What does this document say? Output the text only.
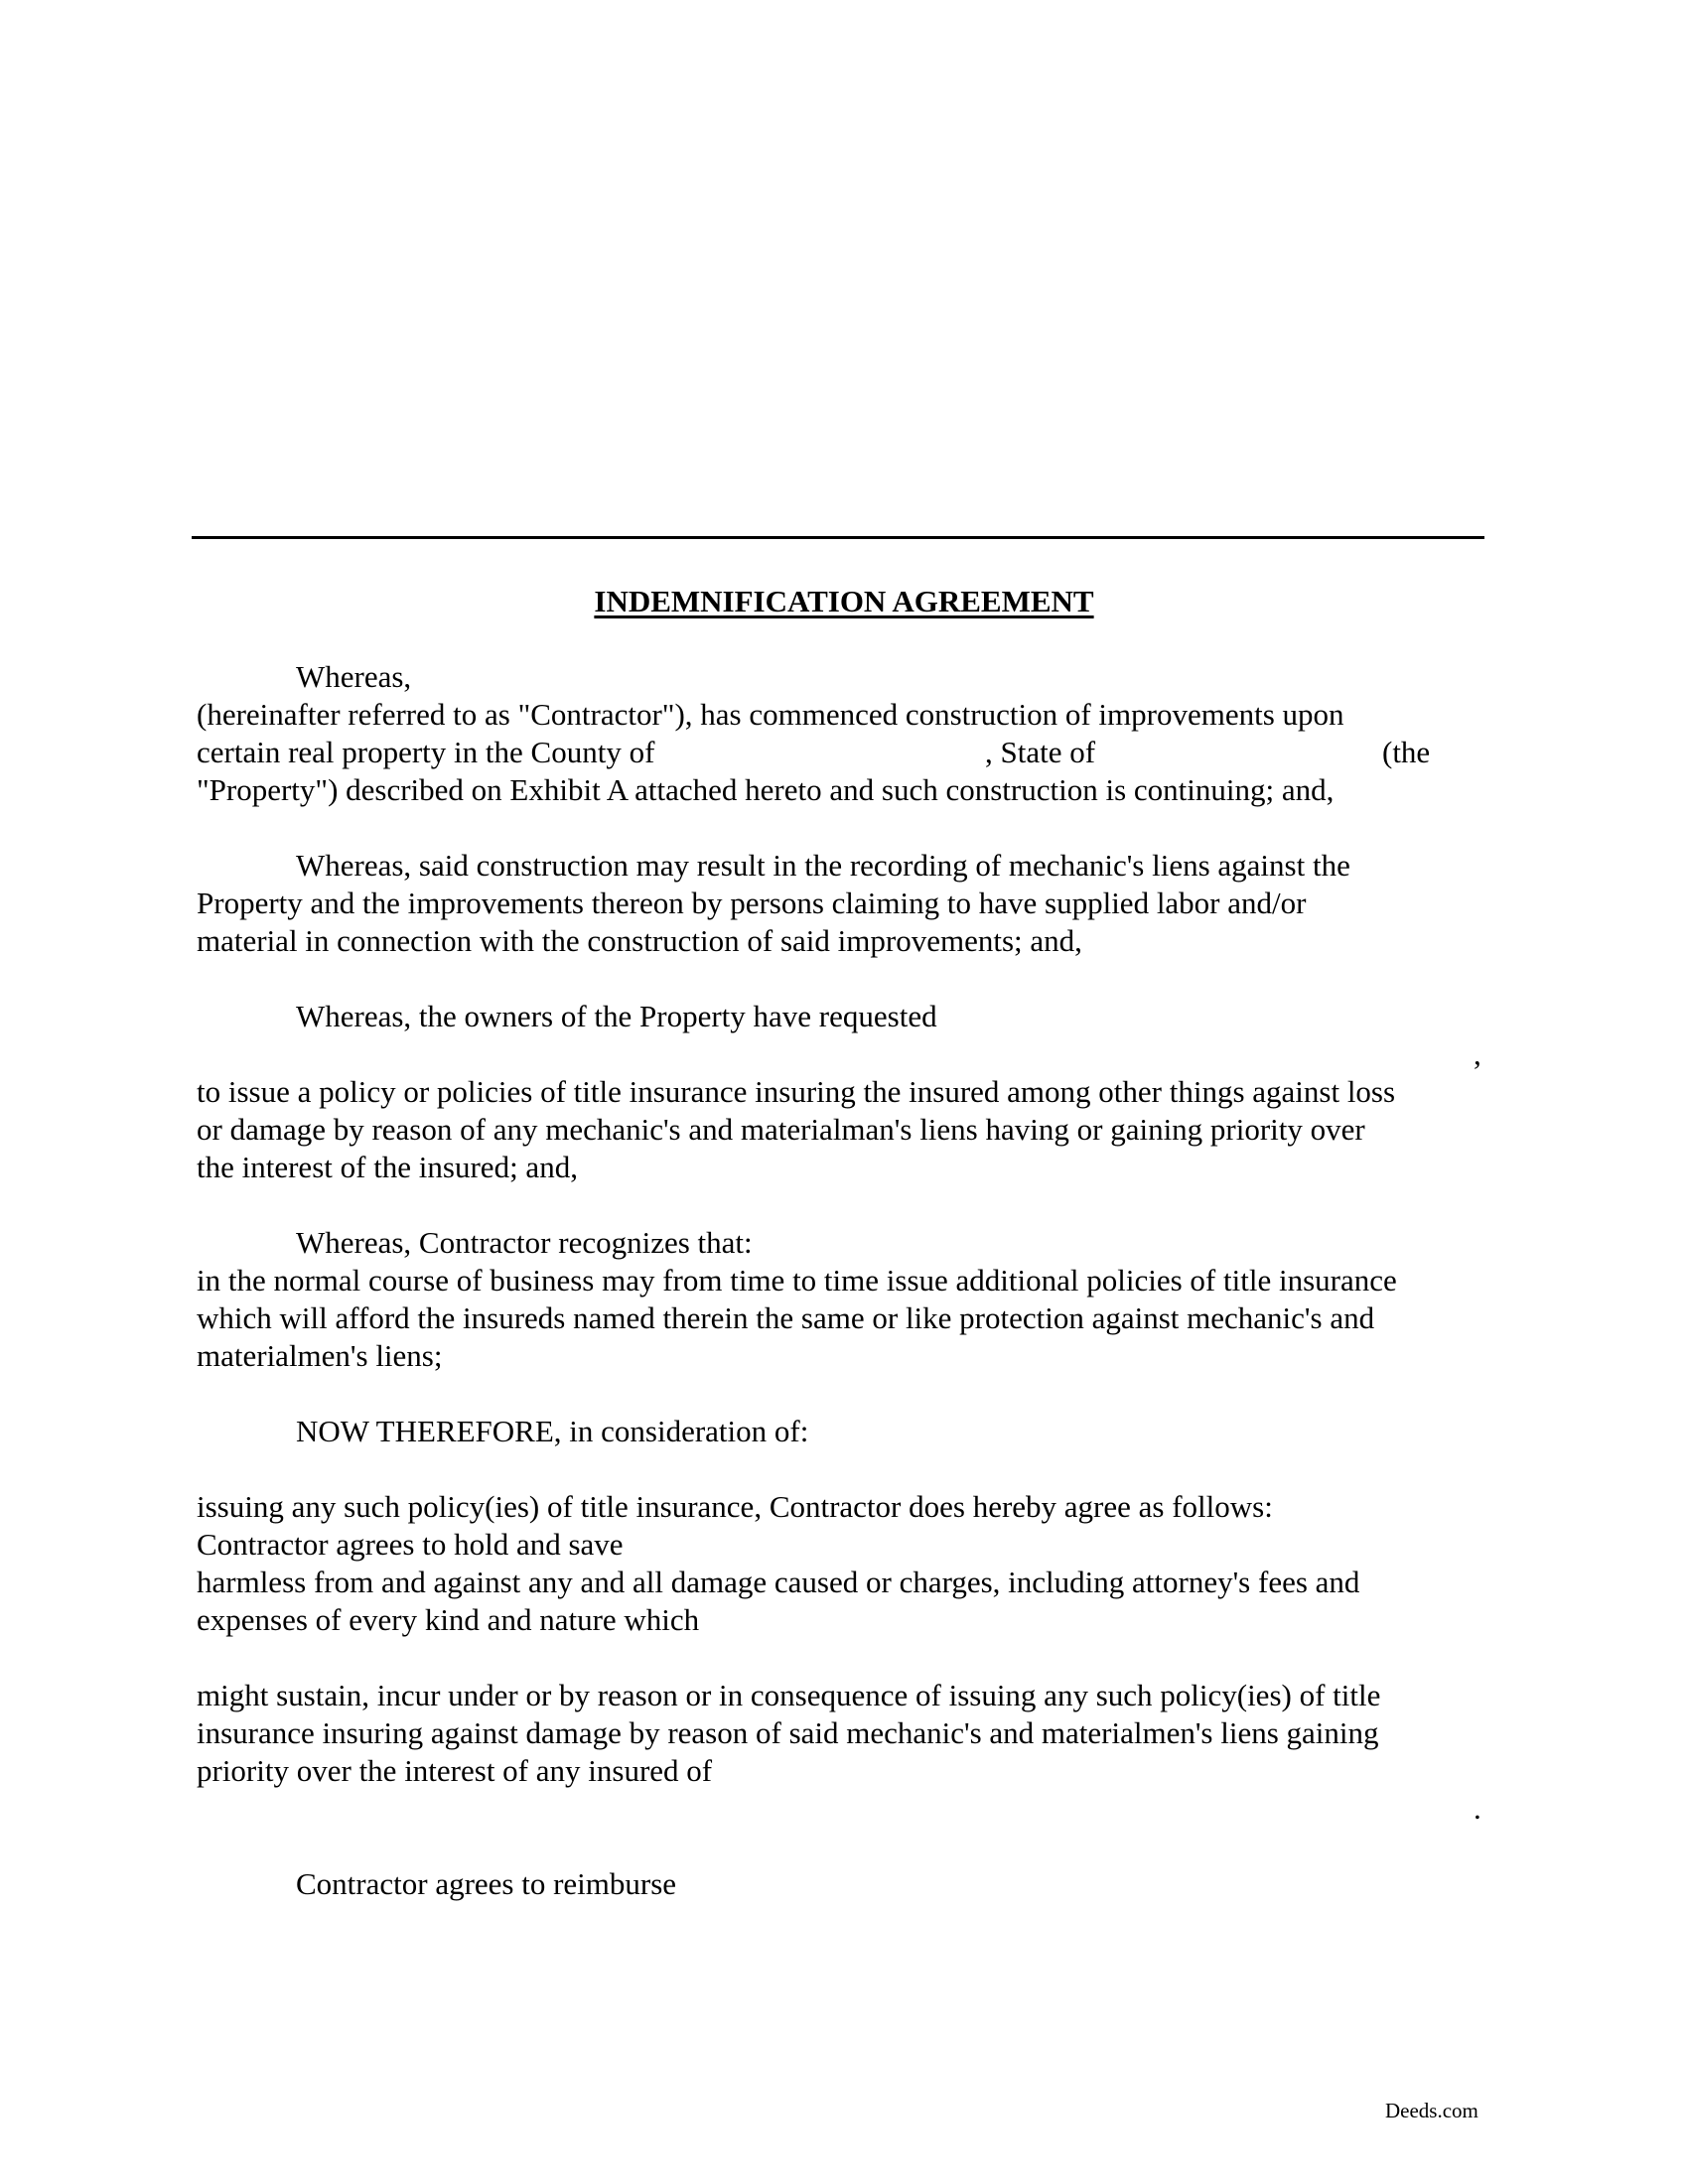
INDEMNIFICATION AGREEMENT
Whereas,
(hereinafter referred to as "Contractor"), has commenced construction of improvements upon
certain real property in the County of	, State of	(the
"Property") described on Exhibit A attached hereto and such construction is continuing; and,
Whereas, said construction may result in the recording of mechanic's liens against the
Property and the improvements thereon by persons claiming to have supplied labor and/or
material in connection with the construction of said improvements; and,
Whereas, the owners of the Property have requested
,
to issue a policy or policies of title insurance insuring the insured among other things against loss
or damage by reason of any mechanic's and materialman's liens having or gaining priority over
the interest of the insured; and,
Whereas, Contractor recognizes that:
in the normal course of business may from time to time issue additional policies of title insurance
which will afford the insureds named therein the same or like protection against mechanic's and
materialmen's liens;
NOW THEREFORE, in consideration of:
issuing any such policy(ies) of title insurance, Contractor does hereby agree as follows:
Contractor agrees to hold and save
harmless from and against any and all damage caused or charges, including attorney's fees and
expenses of every kind and nature which
might sustain, incur under or by reason or in consequence of issuing any such policy(ies) of title
insurance insuring against damage by reason of said mechanic's and materialmen's liens gaining
priority over the interest of any insured of
.
Contractor agrees to reimburse
Deeds.com
